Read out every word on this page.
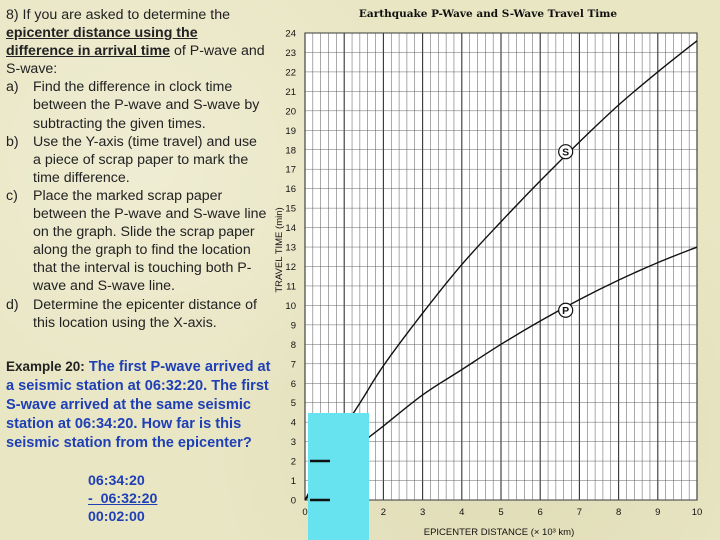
8) If you are asked to determine the epicenter distance using the difference in arrival time of P-wave and S-wave:
a) Find the difference in clock time between the P-wave and S-wave by subtracting the given times.
b) Use the Y-axis (time travel) and use a piece of scrap paper to mark the time difference.
c) Place the marked scrap paper between the P-wave and S-wave line on the graph. Slide the scrap paper along the graph to find the location that the interval is touching both P-wave and S-wave line.
d) Determine the epicenter distance of this location using the X-axis.
Example 20: The first P-wave arrived at a seismic station at 06:32:20. The first S-wave arrived at the same seismic station at 06:34:20. How far is this seismic station from the epicenter?
06:34:20
-  06:32:20
00:02:00
0
1
2
3
4
5
6
7
8
9
10
11
12
13
14
15
16
17
18
19
20
21
22
23
24
0	2	3	4	5	6	7	8	9	10
S
P
Earthquake P-Wave and S-Wave Travel Time
TRAVEL TIME (min)
EPICENTER DISTANCE (× 10³ km)
